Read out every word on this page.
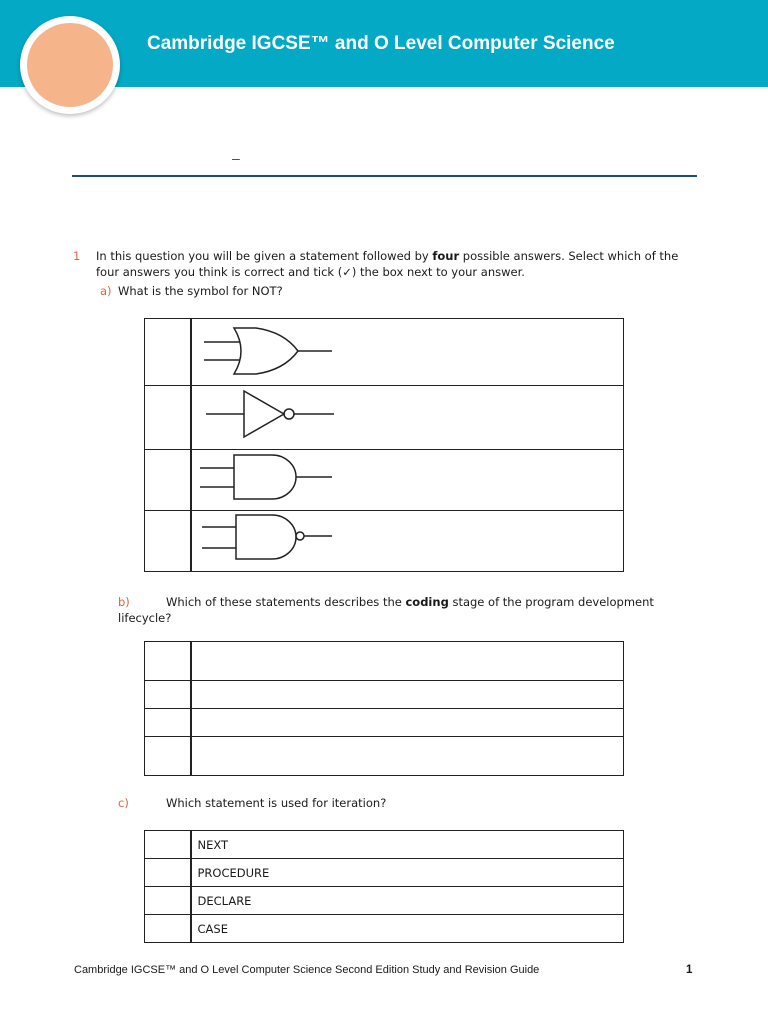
Cambridge IGCSE™ and O Level Computer Science
–
1 In this question you will be given a statement followed by four possible answers. Select which of the
four answers you think is correct and tick (✓) the box next to your answer.
a) What is the symbol for NOT?

b)	Which of these statements describes the coding stage of the program development
lifecycle?

c)	Which statement is used for iteration?
	NEXT
	PROCEDURE
	DECLARE
	CASE
Cambridge IGCSE™ and O Level Computer Science Second Edition Study and Revision Guide	1
